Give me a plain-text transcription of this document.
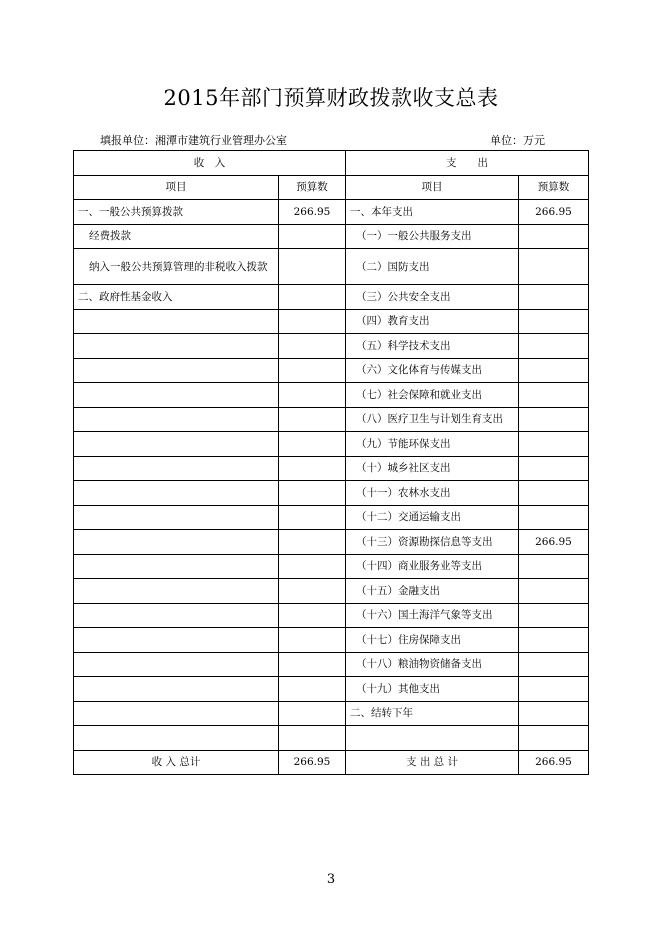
2015年部门预算财政拨款收支总表
填报单位：湘潭市建筑行业管理办公室	单位：万元
收　入		支　　出	
项目	预算数	项目	预算数
一、一般公共预算拨款	266.95	一、本年支出	266.95
经费拨款		（一）一般公共服务支出	
纳入一般公共预算管理的非税收入拨款		（二）国防支出	
二、政府性基金收入		（三）公共安全支出	
		（四）教育支出	
		（五）科学技术支出	
		（六）文化体育与传媒支出	
		（七）社会保障和就业支出	
		（八）医疗卫生与计划生育支出	
		（九）节能环保支出	
		（十）城乡社区支出	
		（十一）农林水支出	
		（十二）交通运输支出	
		（十三）资源勘探信息等支出	266.95
		（十四）商业服务业等支出	
		（十五）金融支出	
		（十六）国土海洋气象等支出	
		（十七）住房保障支出	
		（十八）粮油物资储备支出	
		（十九）其他支出	
		二、结转下年	

收 入 总计	266.95	支 出 总 计	266.95
3
